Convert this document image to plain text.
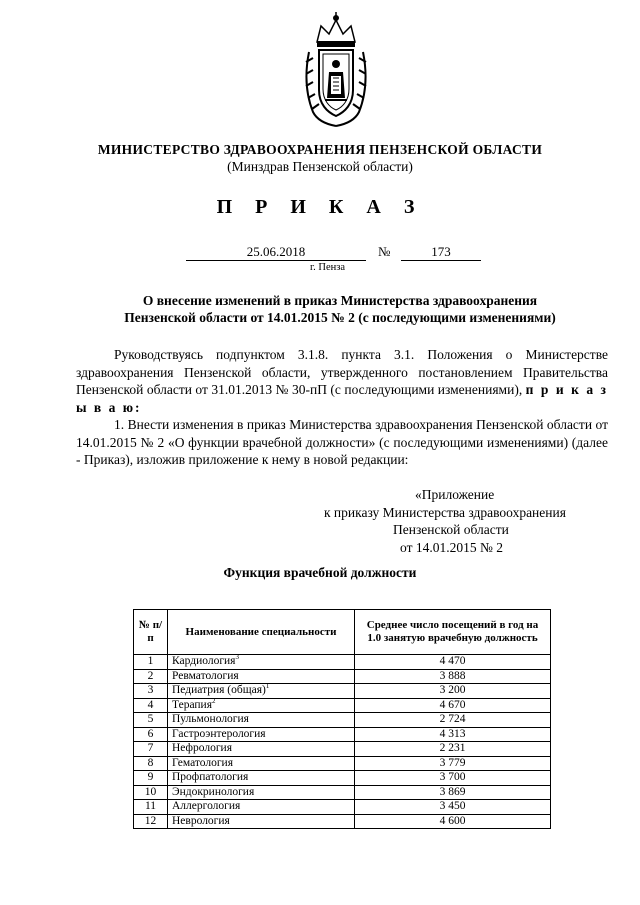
МИНИСТЕРСТВО ЗДРАВООХРАНЕНИЯ ПЕНЗЕНСКОЙ ОБЛАСТИ
(Минздрав Пензенской области)
П Р И К А З
25.06.2018	№	173
г. Пенза
О внесение изменений в приказ Министерства здравоохранения
Пензенской области от 14.01.2015 № 2 (с последующими изменениями)
Руководствуясь подпунктом 3.1.8. пункта 3.1. Положения о Министерстве здравоохранения Пензенской области, утвержденного постановлением Правительства Пензенской области от 31.01.2013 № 30-пП (с последующими изменениями), п р и к а з ы в а ю:
1. Внести изменения в приказ Министерства здравоохранения Пензенской области от 14.01.2015 № 2 «О функции врачебной должности» (с последующими изменениями) (далее - Приказ), изложив приложение к нему в новой редакции:
«Приложение
к приказу Министерства здравоохранения
Пензенской области
от 14.01.2015 № 2
Функция врачебной должности
№ п/п	Наименование специальности	Среднее число посещений в год на 1.0 занятую врачебную должность
1	Кардиология$^3$	4 470
2	Ревматология	3 888
3	Педиатрия (общая)$^1$	3 200
4	Терапия$^2$	4 670
5	Пульмонология	2 724
6	Гастроэнтерология	4 313
7	Нефрология	2 231
8	Гематология	3 779
9	Профпатология	3 700
10	Эндокринология	3 869
11	Аллергология	3 450
12	Неврология	4 600
